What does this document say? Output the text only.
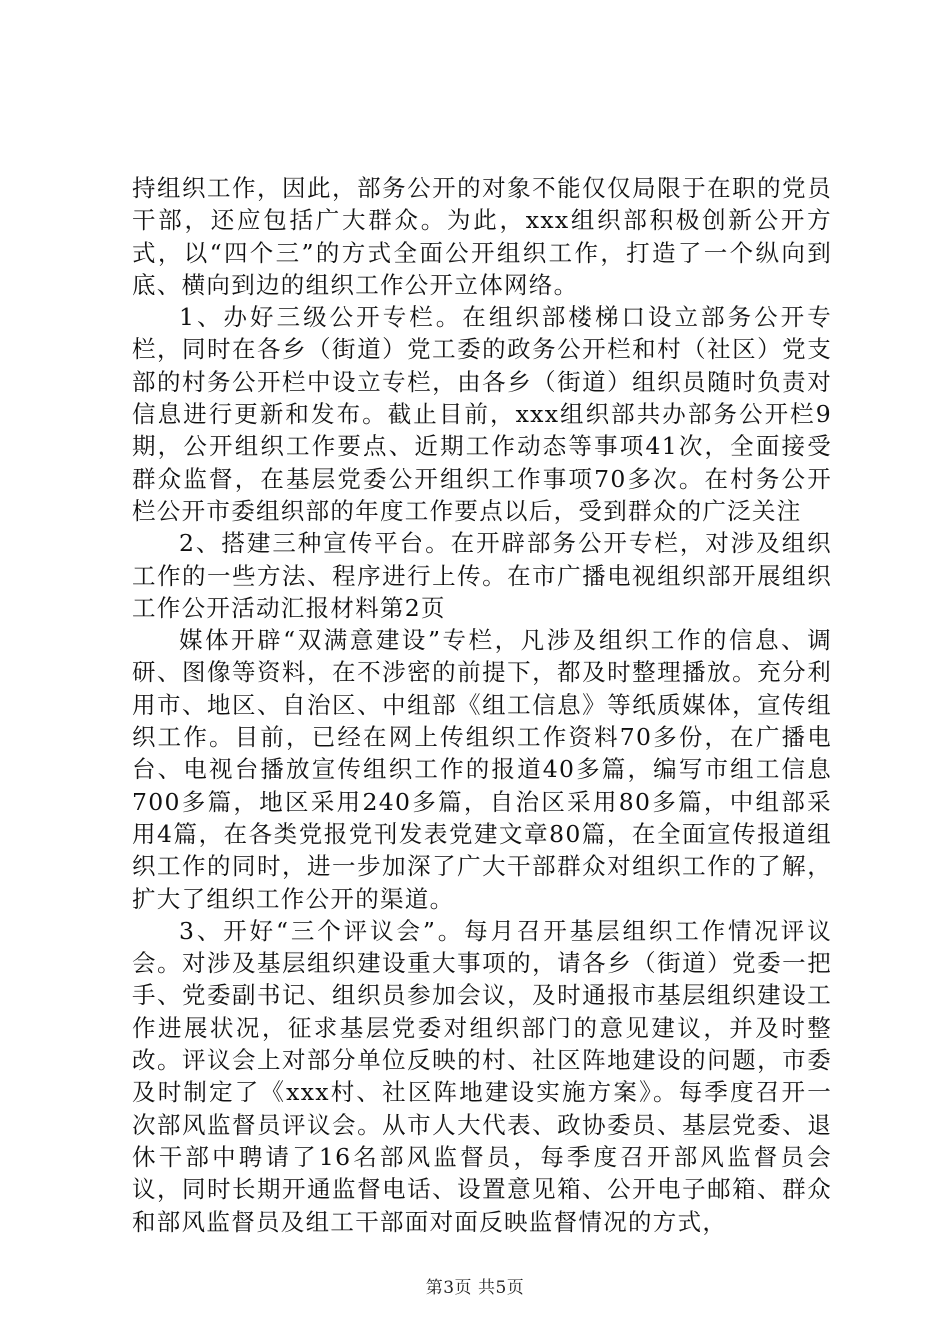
持组织工作，因此，部务公开的对象不能仅仅局限于在职的党员干部，还应包括广大群众。为此，xxx组织部积极创新公开方式，以“四个三”的方式全面公开组织工作，打造了一个纵向到底、横向到边的组织工作公开立体网络。

1、办好三级公开专栏。在组织部楼梯口设立部务公开专栏，同时在各乡（街道）党工委的政务公开栏和村（社区）党支部的村务公开栏中设立专栏，由各乡（街道）组织员随时负责对信息进行更新和发布。截止目前，xxx组织部共办部务公开栏9期，公开组织工作要点、近期工作动态等事项41次，全面接受群众监督，在基层党委公开组织工作事项70多次。在村务公开栏公开市委组织部的年度工作要点以后，受到群众的广泛关注

2、搭建三种宣传平台。在开辟部务公开专栏，对涉及组织工作的一些方法、程序进行上传。在市广播电视组织部开展组织工作公开活动汇报材料第2页

媒体开辟“双满意建设”专栏，凡涉及组织工作的信息、调研、图像等资料，在不涉密的前提下，都及时整理播放。充分利用市、地区、自治区、中组部《组工信息》等纸质媒体，宣传组织工作。目前，已经在网上传组织工作资料70多份，在广播电台、电视台播放宣传组织工作的报道40多篇，编写市组工信息700多篇，地区采用240多篇，自治区采用80多篇，中组部采用4篇，在各类党报党刊发表党建文章80篇，在全面宣传报道组织工作的同时，进一步加深了广大干部群众对组织工作的了解，扩大了组织工作公开的渠道。

3、开好“三个评议会”。每月召开基层组织工作情况评议会。对涉及基层组织建设重大事项的，请各乡（街道）党委一把手、党委副书记、组织员参加会议，及时通报市基层组织建设工作进展状况，征求基层党委对组织部门的意见建议，并及时整改。评议会上对部分单位反映的村、社区阵地建设的问题，市委及时制定了《xxx村、社区阵地建设实施方案》。每季度召开一次部风监督员评议会。从市人大代表、政协委员、基层党委、退休干部中聘请了16名部风监督员，每季度召开部风监督员会议，同时长期开通监督电话、设置意见箱、公开电子邮箱、群众和部风监督员及组工干部面对面反映监督情况的方式，

第3页 共5页
